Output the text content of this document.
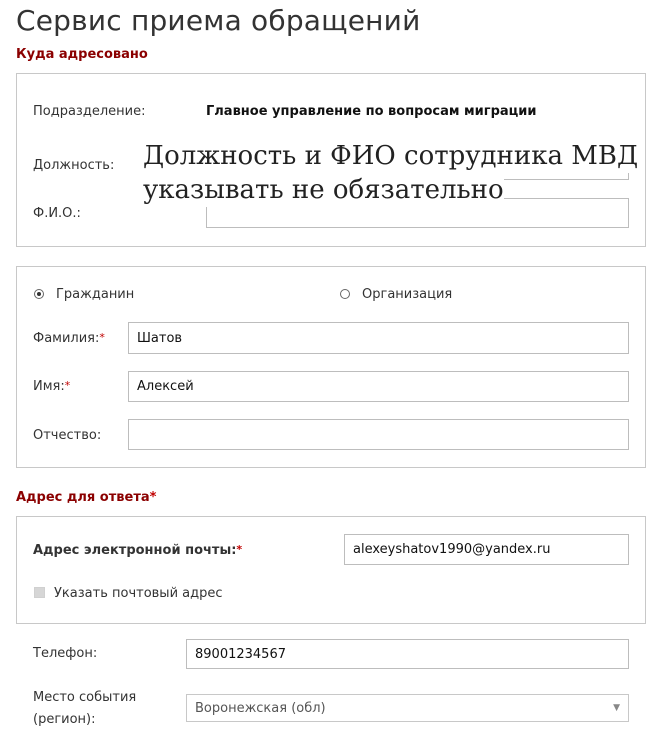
Сервис приема обращений
Куда адресовано
Подразделение:	Главное управление по вопросам миграции
Должность:
Ф.И.О.:
Должность и ФИО сотрудника МВД
указывать не обязательно
Гражданин	Организация
Фамилия:*	Шатов
Имя:*	Алексей
Отчество:
Адрес для ответа*
Адрес электронной почты:*	alexeyshatov1990@yandex.ru
Указать почтовый адрес
Телефон:	89001234567
Место события
(регион):
Воронежская (обл)	▼
